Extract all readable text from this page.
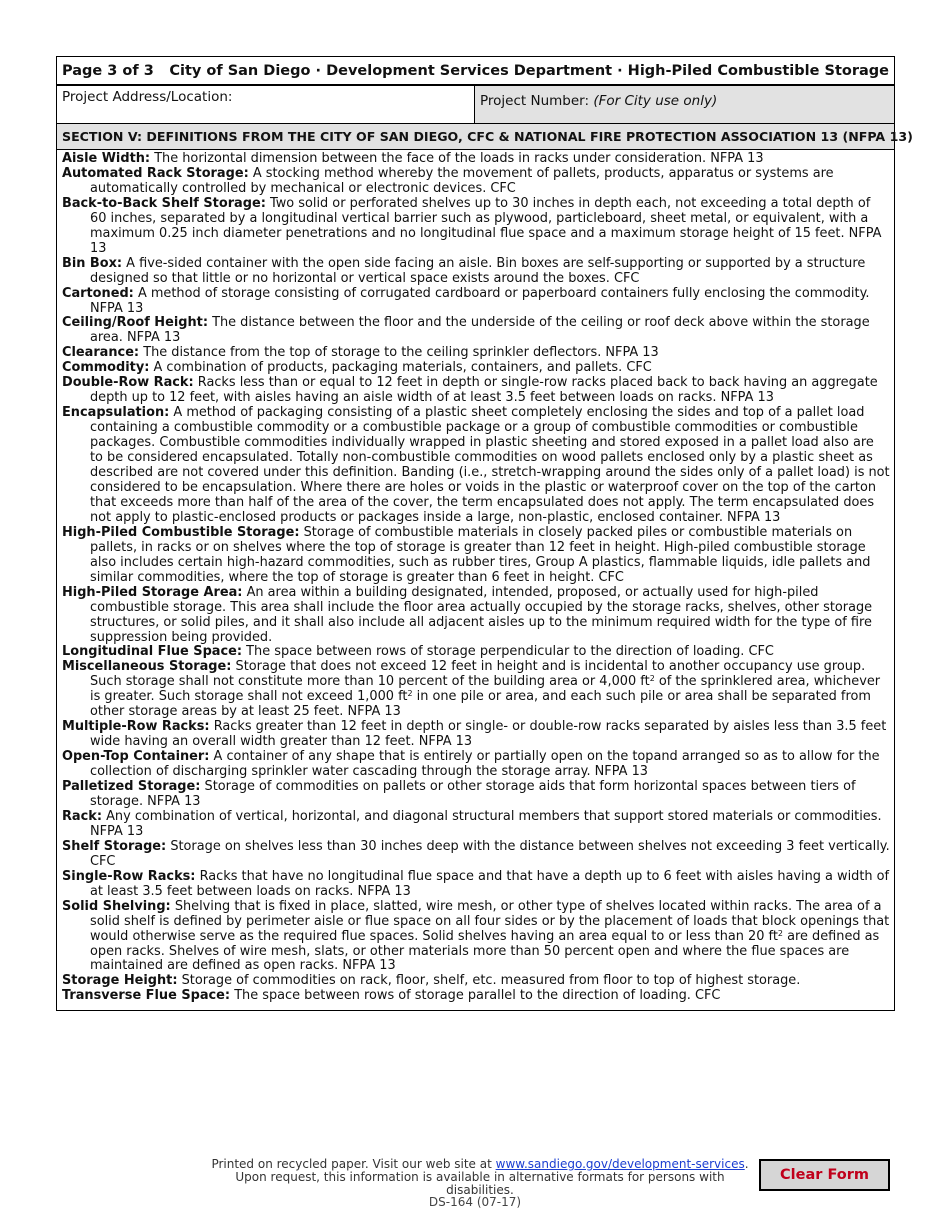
Page 3 of 3	City of San Diego · Development Services Department · High-Piled Combustible Storage
Project Address/Location:	Project Number: (For City use only)
SECTION V: DEFINITIONS FROM THE CITY OF SAN DIEGO, CFC & NATIONAL FIRE PROTECTION ASSOCIATION 13 (NFPA 13)
Aisle Width: The horizontal dimension between the face of the loads in racks under consideration. NFPA 13
Automated Rack Storage: A stocking method whereby the movement of pallets, products, apparatus or systems are automatically controlled by mechanical or electronic devices. CFC
Back-to-Back Shelf Storage: Two solid or perforated shelves up to 30 inches in depth each, not exceeding a total depth of 60 inches, separated by a longitudinal vertical barrier such as plywood, particleboard, sheet metal, or equivalent, with a maximum 0.25 inch diameter penetrations and no longitudinal flue space and a maximum storage height of 15 feet. NFPA 13
Bin Box: A five-sided container with the open side facing an aisle. Bin boxes are self-supporting or supported by a structure designed so that little or no horizontal or vertical space exists around the boxes. CFC
Cartoned: A method of storage consisting of corrugated cardboard or paperboard containers fully enclosing the commodity. NFPA 13
Ceiling/Roof Height: The distance between the floor and the underside of the ceiling or roof deck above within the storage area. NFPA 13
Clearance: The distance from the top of storage to the ceiling sprinkler deflectors. NFPA 13
Commodity: A combination of products, packaging materials, containers, and pallets. CFC
Double-Row Rack: Racks less than or equal to 12 feet in depth or single-row racks placed back to back having an aggregate depth up to 12 feet, with aisles having an aisle width of at least 3.5 feet between loads on racks. NFPA 13
Encapsulation: A method of packaging consisting of a plastic sheet completely enclosing the sides and top of a pallet load containing a combustible commodity or a combustible package or a group of combustible commodities or combustible packages. Combustible commodities individually wrapped in plastic sheeting and stored exposed in a pallet load also are to be considered encapsulated. Totally non-combustible commodities on wood pallets enclosed only by a plastic sheet as described are not covered under this definition. Banding (i.e., stretch-wrapping around the sides only of a pallet load) is not considered to be encapsulation. Where there are holes or voids in the plastic or waterproof cover on the top of the carton that exceeds more than half of the area of the cover, the term encapsulated does not apply. The term encapsulated does not apply to plastic-enclosed products or packages inside a large, non-plastic, enclosed container. NFPA 13
High-Piled Combustible Storage: Storage of combustible materials in closely packed piles or combustible materials on pallets, in racks or on shelves where the top of storage is greater than 12 feet in height. High-piled combustible storage also includes certain high-hazard commodities, such as rubber tires, Group A plastics, flammable liquids, idle pallets and similar commodities, where the top of storage is greater than 6 feet in height. CFC
High-Piled Storage Area: An area within a building designated, intended, proposed, or actually used for high-piled combustible storage. This area shall include the floor area actually occupied by the storage racks, shelves, other storage structures, or solid piles, and it shall also include all adjacent aisles up to the minimum required width for the type of fire suppression being provided.
Longitudinal Flue Space: The space between rows of storage perpendicular to the direction of loading. CFC
Miscellaneous Storage: Storage that does not exceed 12 feet in height and is incidental to another occupancy use group. Such storage shall not constitute more than 10 percent of the building area or 4,000 $ft^2$ of the sprinklered area, whichever is greater. Such storage shall not exceed 1,000 $ft^2$ in one pile or area, and each such pile or area shall be separated from other storage areas by at least 25 feet. NFPA 13
Multiple-Row Racks: Racks greater than 12 feet in depth or single- or double-row racks separated by aisles less than 3.5 feet wide having an overall width greater than 12 feet. NFPA 13
Open-Top Container: A container of any shape that is entirely or partially open on the topand arranged so as to allow for the collection of discharging sprinkler water cascading through the storage array. NFPA 13
Palletized Storage: Storage of commodities on pallets or other storage aids that form horizontal spaces between tiers of storage. NFPA 13
Rack: Any combination of vertical, horizontal, and diagonal structural members that support stored materials or commodities. NFPA 13
Shelf Storage: Storage on shelves less than 30 inches deep with the distance between shelves not exceeding 3 feet vertically. CFC
Single-Row Racks: Racks that have no longitudinal flue space and that have a depth up to 6 feet with aisles having a width of at least 3.5 feet between loads on racks. NFPA 13
Solid Shelving: Shelving that is fixed in place, slatted, wire mesh, or other type of shelves located within racks. The area of a solid shelf is defined by perimeter aisle or flue space on all four sides or by the placement of loads that block openings that would otherwise serve as the required flue spaces. Solid shelves having an area equal to or less than 20 $ft^2$ are defined as open racks. Shelves of wire mesh, slats, or other materials more than 50 percent open and where the flue spaces are maintained are defined as open racks. NFPA 13
Storage Height: Storage of commodities on rack, floor, shelf, etc. measured from floor to top of highest storage.
Transverse Flue Space: The space between rows of storage parallel to the direction of loading. CFC
Printed on recycled paper. Visit our web site at www.sandiego.gov/development-services.
Upon request, this information is available in alternative formats for persons with disabilities.
DS-164 (07-17)
Clear Form
